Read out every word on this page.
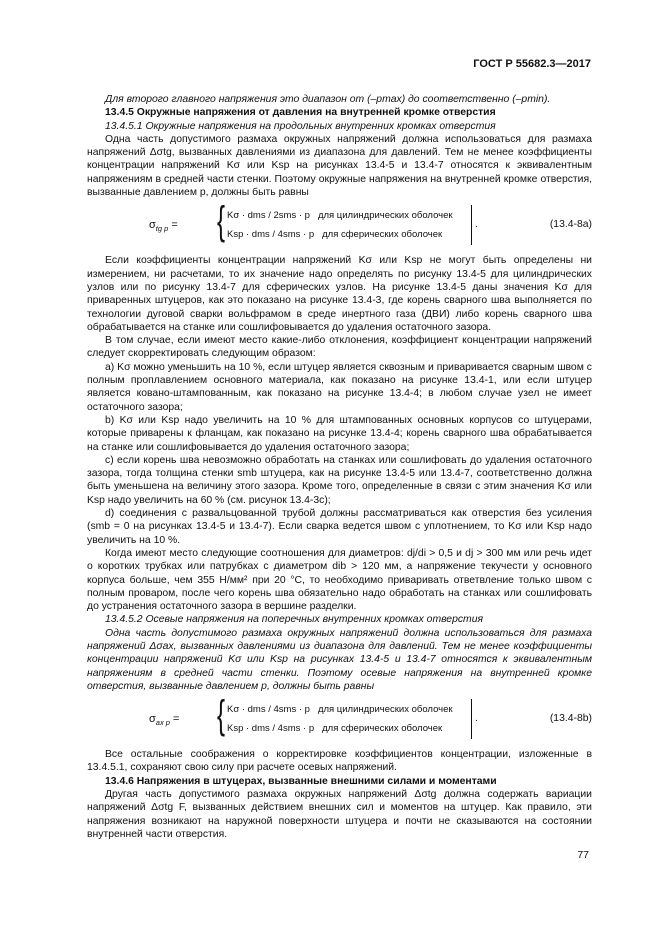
ГОСТ Р 55682.3—2017

Для второго главного напряжения это диапазон от (–pmax) до соответственно (–pmin).

13.4.5 Окружные напряжения от давления на внутренней кромке отверстия

13.4.5.1 Окружные напряжения на продольных внутренних кромках отверстия

Одна часть допустимого размаха окружных напряжений должна использоваться для размаха напряжений Δσtg, вызванных давлениями из диапазона для давлений. Тем не менее коэффициенты концентрации напряжений Kσ или Ksp на рисунках 13.4-5 и 13.4-7 относятся к эквивалентным напряжениям в средней части стенки. Поэтому окружные напряжения на внутренней кромке отверстия, вызванные давлением p, должны быть равны

$\sigma_{tg p}$ = { Kσ · dms / 2sms · p для цилиндрических оболочек
Ksp · dms / 4sms · p для сферических оболочек
.	(13.4-8a)

Если коэффициенты концентрации напряжений Kσ или Ksp не могут быть определены ни измерением, ни расчетами, то их значение надо определять по рисунку 13.4-5 для цилиндрических узлов или по рисунку 13.4-7 для сферических узлов. На рисунке 13.4-5 даны значения Kσ для приваренных штуцеров, как это показано на рисунке 13.4-3, где корень сварного шва выполняется по технологии дуговой сварки вольфрамом в среде инертного газа (ДВИ) либо корень сварного шва обрабатывается на станке или сошлифовывается до удаления остаточного зазора.

В том случае, если имеют место какие-либо отклонения, коэффициент концентрации напряжений следует скорректировать следующим образом:

a) Kσ можно уменьшить на 10 %, если штуцер является сквозным и приваривается сварным швом с полным проплавлением основного материала, как показано на рисунке 13.4-1, или если штуцер является ковано-штампованным, как показано на рисунке 13.4-4; в любом случае узел не имеет остаточного зазора;

b) Kσ или Ksp надо увеличить на 10 % для штампованных основных корпусов со штуцерами, которые приварены к фланцам, как показано на рисунке 13.4-4; корень сварного шва обрабатывается на станке или сошлифовывается до удаления остаточного зазора;

c) если корень шва невозможно обработать на станках или сошлифовать до удаления остаточного зазора, тогда толщина стенки smb штуцера, как на рисунке 13.4-5 или 13.4-7, соответственно должна быть уменьшена на величину этого зазора. Кроме того, определенные в связи с этим значения Kσ или Ksp надо увеличить на 60 % (см. рисунок 13.4-3с);

d) соединения с развальцованной трубой должны рассматриваться как отверстия без усиления (smb = 0 на рисунках 13.4-5 и 13.4-7). Если сварка ведется швом с уплотнением, то Kσ или Ksp надо увеличить на 10 %.

Когда имеют место следующие соотношения для диаметров: dj/di > 0,5 и dj > 300 мм или речь идет о коротких трубках или патрубках с диаметром dib > 120 мм, а напряжение текучести у основного корпуса больше, чем 355 Н/мм² при 20 °С, то необходимо приваривать ответвление только швом с полным проваром, после чего корень шва обязательно надо обработать на станках или сошлифовать до устранения остаточного зазора в вершине разделки.

13.4.5.2 Осевые напряжения на поперечных внутренних кромках отверстия

Одна часть допустимого размаха окружных напряжений должна использоваться для размаха напряжений Δσax, вызванных давлениями из диапазона для давлений. Тем не менее коэффициенты концентрации напряжений Kσ или Ksp на рисунках 13.4-5 и 13.4-7 относятся к эквивалентным напряжениям в средней части стенки. Поэтому осевые напряжения на внутренней кромке отверстия, вызванные давлением p, должны быть равны

$\sigma_{ax p}$ = { Kσ · dms / 4sms · p для цилиндрических оболочек
Ksp · dms / 4sms · p для сферических оболочек
.	(13.4-8b)

Все остальные соображения о корректировке коэффициентов концентрации, изложенные в 13.4.5.1, сохраняют свою силу при расчете осевых напряжений.

13.4.6 Напряжения в штуцерах, вызванные внешними силами и моментами

Другая часть допустимого размаха окружных напряжений Δσtg должна содержать вариации напряжений Δσtg F, вызванных действием внешних сил и моментов на штуцер. Как правило, эти напряжения возникают на наружной поверхности штуцера и почти не сказываются на состоянии внутренней части отверстия.

77
